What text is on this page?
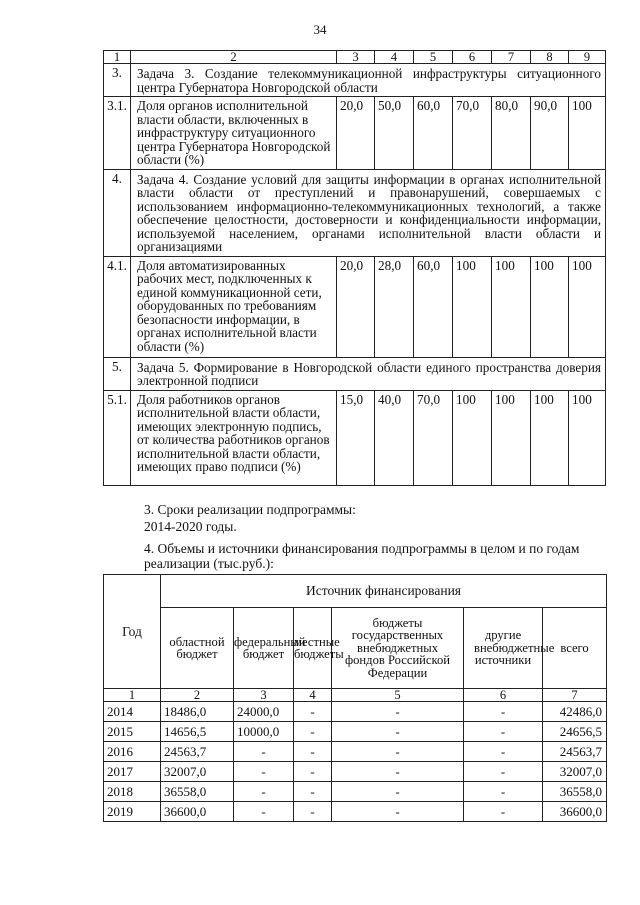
34
1	2	3	4	5	6	7	8	9
3.	Задача 3. Создание телекоммуникационной инфраструктуры ситуационного центра Губернатора Новгородской области							
3.1.	Доля органов исполнительной власти области, включенных в инфраструктуру ситуационного центра Губернатора Новгородской области (%)	20,0	50,0	60,0	70,0	80,0	90,0	100
4.	Задача 4. Создание условий для защиты информации в органах исполнительной власти области от преступлений и правонарушений, совершаемых с использованием информационно-телекоммуникационных технологий, а также обеспечение целостности, достоверности и конфиденциальности информации, используемой населением, органами исполнительной власти области и организациями							
4.1.	Доля автоматизированных рабочих мест, подключенных к единой коммуникационной сети, оборудованных по требованиям безопасности информации, в органах исполнительной власти области (%)	20,0	28,0	60,0	100	100	100	100
5.	Задача 5. Формирование в Новгородской области единого пространства доверия электронной подписи							
5.1.	Доля работников органов исполнительной власти области, имеющих электронную подпись, от количества работников органов исполнительной власти области, имеющих право подписи (%)	15,0	40,0	70,0	100	100	100	100
3. Сроки реализации подпрограммы:
2014-2020 годы.
4. Объемы и источники финансирования подпрограммы в целом и по годам реализации (тыс.руб.):
Год	Источник финансирования					
	областной бюджет	федеральный бюджет	местные бюджеты	бюджеты государственных внебюджетных фондов Российской Федерации	другие внебюджетные источники	всего
1	2	3	4	5	6	7
2014	18486,0	24000,0	-	-	-	42486,0
2015	14656,5	10000,0	-	-	-	24656,5
2016	24563,7	-	-	-	-	24563,7
2017	32007,0	-	-	-	-	32007,0
2018	36558,0	-	-	-	-	36558,0
2019	36600,0	-	-	-	-	36600,0
